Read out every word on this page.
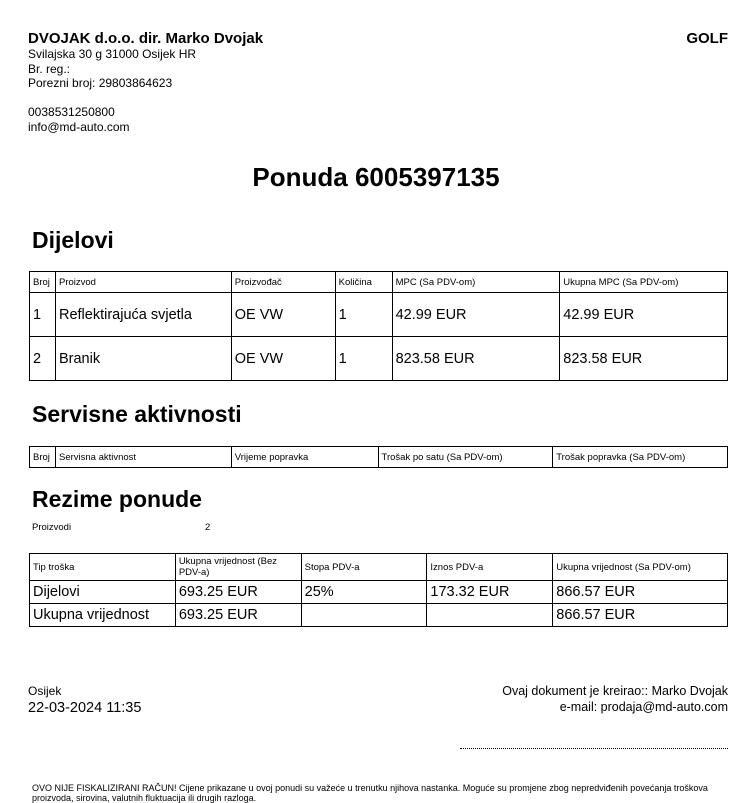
DVOJAK d.o.o. dir. Marko Dvojak
Svilajska 30 g 31000 Osijek HR
Br. reg.:
Porezni broj: 29803864623
0038531250800
info@md-auto.com
GOLF
Ponuda 6005397135
Dijelovi
Broj	Proizvod	Proizvođač	Količina	MPC (Sa PDV-om)	Ukupna MPC (Sa PDV-om)
1	Reflektirajuća svjetla	OE VW	1	42.99 EUR	42.99 EUR
2	Branik	OE VW	1	823.58 EUR	823.58 EUR
Servisne aktivnosti
Broj	Servisna aktivnost	Vrijeme popravka	Trošak po satu (Sa PDV-om)	Trošak popravka (Sa PDV-om)
Rezime ponude
Proizvodi	2
Tip troška	Ukupna vrijednost (Bez PDV-a)	Stopa PDV-a	Iznos PDV-a	Ukupna vrijednost (Sa PDV-om)
Dijelovi	693.25 EUR	25%	173.32 EUR	866.57 EUR
Ukupna vrijednost	693.25 EUR			866.57 EUR
Osijek
22-03-2024 11:35
Ovaj dokument je kreirao:: Marko Dvojak
e-mail: prodaja@md-auto.com
OVO NIJE FISKALIZIRANI RAČUN! Cijene prikazane u ovoj ponudi su važeće u trenutku njihova nastanka. Moguće su promjene zbog nepredviđenih povećanja troškova proizvoda, sirovina, valutnih fluktuacija ili drugih razloga.
